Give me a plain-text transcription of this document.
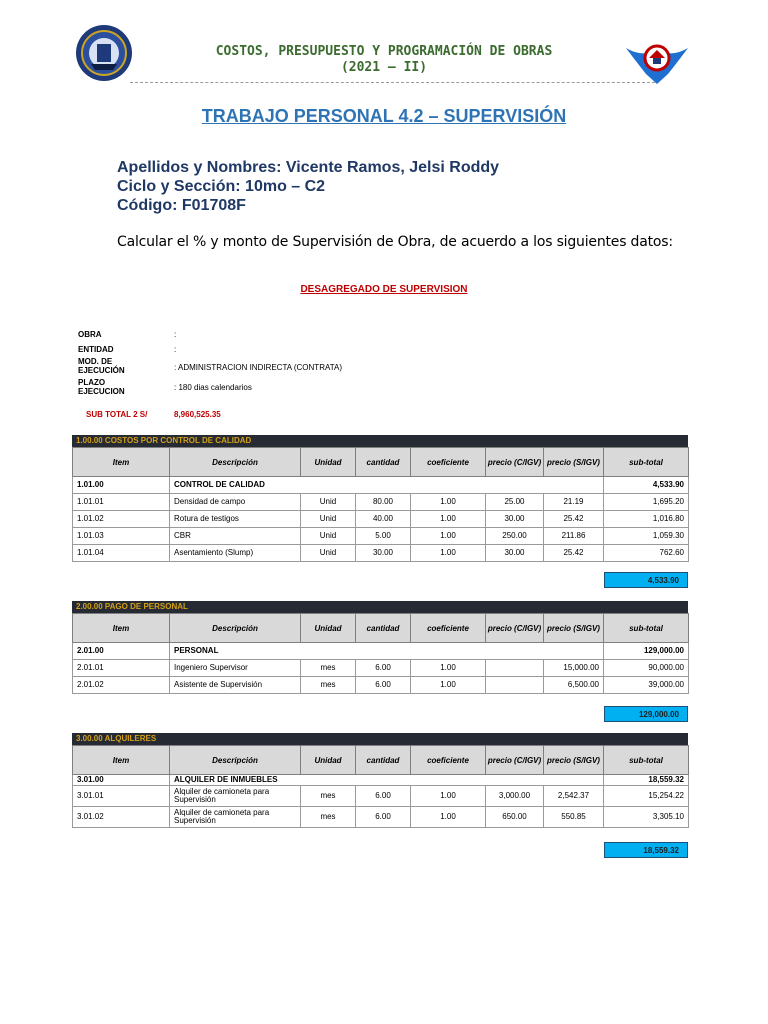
COSTOS, PRESUPUESTO Y PROGRAMACIÓN DE OBRAS
(2021 – II)
TRABAJO PERSONAL 4.2 – SUPERVISIÓN
Apellidos y Nombres: Vicente Ramos, Jelsi Roddy
Ciclo y Sección: 10mo – C2
Código: F01708F
Calcular el % y monto de Supervisión de Obra, de acuerdo a los siguientes datos:
DESAGREGADO DE SUPERVISION
OBRA	:
ENTIDAD	:
MOD. DE EJECUCIÓN	: ADMINISTRACION INDIRECTA (CONTRATA)
PLAZO EJECUCION	: 180 dias calendarios
SUB TOTAL 2 S/	8,960,525.35
1.00.00 COSTOS POR CONTROL DE CALIDAD
Item	Descripción	Unidad	cantidad	coeficiente	precio (C/IGV)	precio (S/IGV)	sub-total
1.01.00	CONTROL DE CALIDAD						4,533.90
1.01.01	Densidad de campo	Unid	80.00	1.00	25.00	21.19	1,695.20
1.01.02	Rotura de testigos	Unid	40.00	1.00	30.00	25.42	1,016.80
1.01.03	CBR	Unid	5.00	1.00	250.00	211.86	1,059.30
1.01.04	Asentamiento (Slump)	Unid	30.00	1.00	30.00	25.42	762.60
4,533.90
2.00.00 PAGO DE PERSONAL
Item	Descripción	Unidad	cantidad	coeficiente	precio (C/IGV)	precio (S/IGV)	sub-total
2.01.00	PERSONAL						129,000.00
2.01.01	Ingeniero Supervisor	mes	6.00	1.00		15,000.00	90,000.00
2.01.02	Asistente de Supervisión	mes	6.00	1.00		6,500.00	39,000.00
129,000.00
3.00.00 ALQUILERES
Item	Descripción	Unidad	cantidad	coeficiente	precio (C/IGV)	precio (S/IGV)	sub-total
3.01.00	ALQUILER DE INMUEBLES						18,559.32
3.01.01	Alquiler de camioneta para Supervisión	mes	6.00	1.00	3,000.00	2,542.37	15,254.22
3.01.02	Alquiler de camioneta para Supervisión	mes	6.00	1.00	650.00	550.85	3,305.10
18,559.32
